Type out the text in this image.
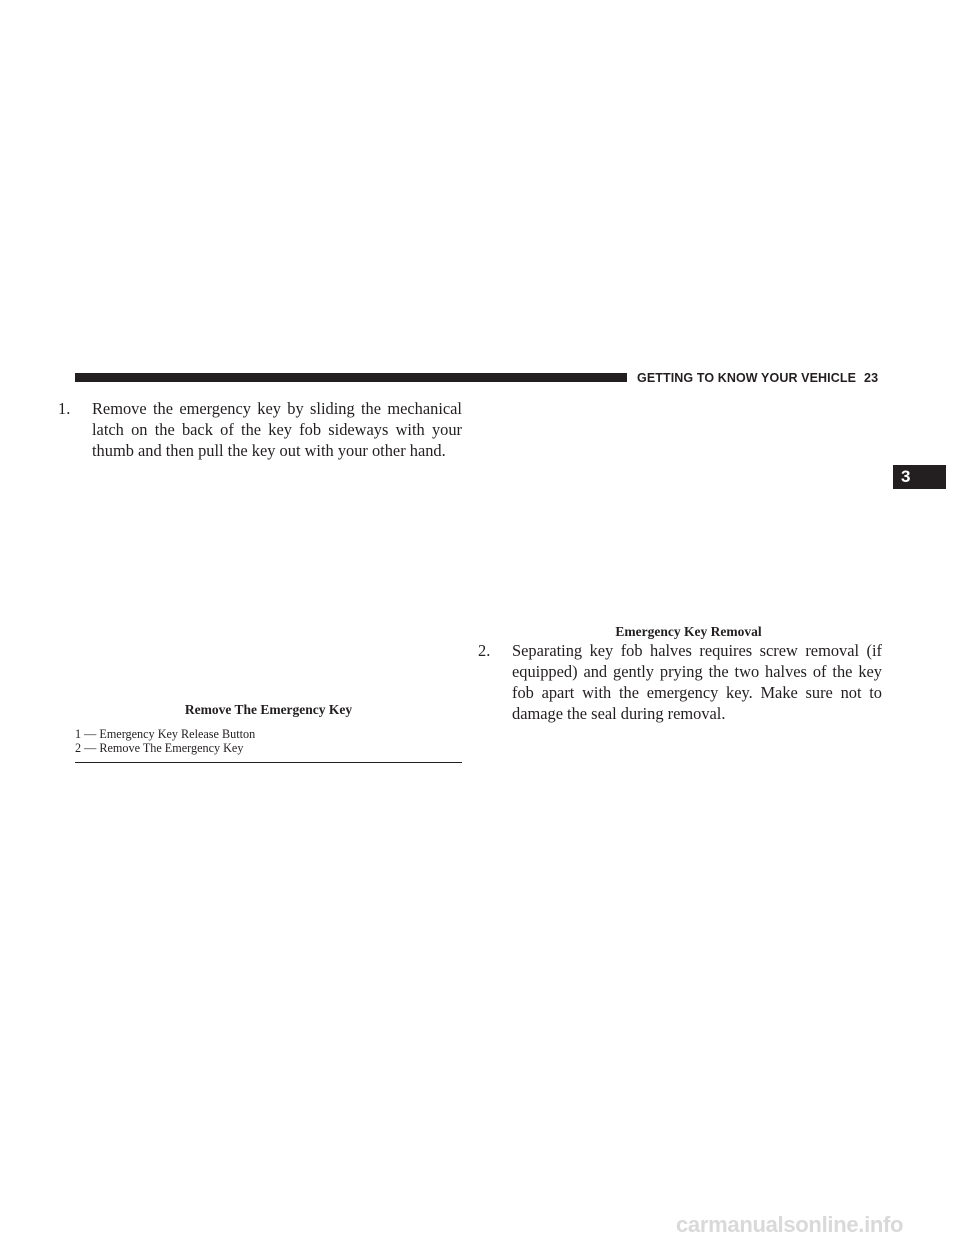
GETTING TO KNOW YOUR VEHICLE 23
3

1. Remove the emergency key by sliding the mechanical latch on the back of the key fob sideways with your thumb and then pull the key out with your other hand.

Remove The Emergency Key
1 — Emergency Key Release Button
2 — Remove The Emergency Key
Emergency Key Removal

2. Separating key fob halves requires screw removal (if equipped) and gently prying the two halves of the key fob apart with the emergency key. Make sure not to damage the seal during removal.

carmanualsonline.info
